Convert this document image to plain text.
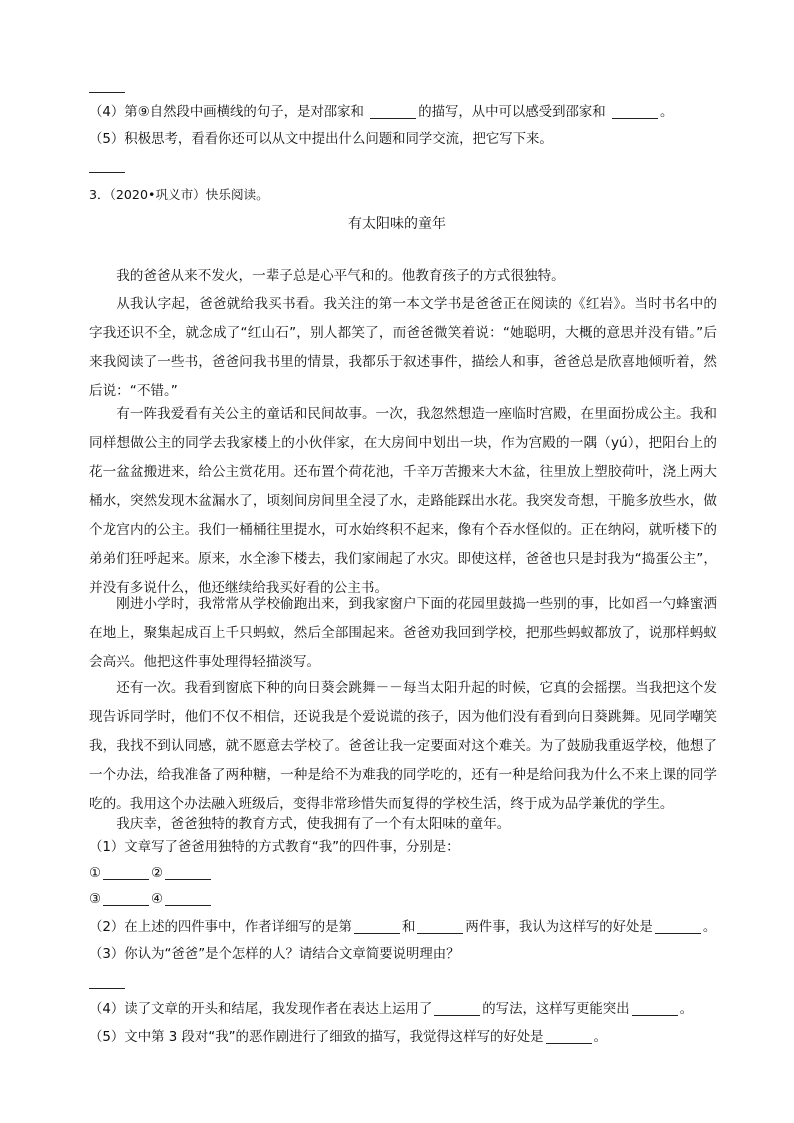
（4）第⑨自然段中画横线的句子，是对邵家和	的描写，从中可以感受到邵家和	。
（5）积极思考，看看你还可以从文中提出什么问题和同学交流，把它写下来。
3．（2020•巩义市）快乐阅读。
有太阳味的童年
我的爸爸从来不发火，一辈子总是心平气和的。他教育孩子的方式很独特。
从我认字起，爸爸就给我买书看。我关注的第一本文学书是爸爸正在阅读的《红岩》。当时书名中的字我还识不全，就念成了“红山石”，别人都笑了，而爸爸微笑着说：“她聪明，大概的意思并没有错。”后来我阅读了一些书，爸爸问我书里的情景，我都乐于叙述事件，描绘人和事，爸爸总是欣喜地倾听着，然后说：“不错。”
有一阵我爱看有关公主的童话和民间故事。一次，我忽然想造一座临时宫殿，在里面扮成公主。我和同样想做公主的同学去我家楼上的小伙伴家，在大房间中划出一块，作为宫殿的一隅（yú），把阳台上的花一盆盆搬进来，给公主赏花用。还布置个荷花池，千辛万苦搬来大木盆，往里放上塑胶荷叶，浇上两大桶水，突然发现木盆漏水了，顷刻间房间里全浸了水，走路能踩出水花。我突发奇想，干脆多放些水，做个龙宫内的公主。我们一桶桶往里提水，可水始终积不起来，像有个吞水怪似的。正在纳闷，就听楼下的弟弟们狂呼起来。原来，水全渗下楼去，我们家闹起了水灾。即使这样，爸爸也只是封我为“捣蛋公主”，并没有多说什么，他还继续给我买好看的公主书。
刚进小学时，我常常从学校偷跑出来，到我家窗户下面的花园里鼓捣一些别的事，比如舀一勺蜂蜜洒在地上，聚集起成百上千只蚂蚁，然后全部围起来。爸爸劝我回到学校，把那些蚂蚁都放了，说那样蚂蚁会高兴。他把这件事处理得轻描淡写。
还有一次。我看到窗底下种的向日葵会跳舞－－每当太阳升起的时候，它真的会摇摆。当我把这个发现告诉同学时，他们不仅不相信，还说我是个爱说谎的孩子，因为他们没有看到向日葵跳舞。见同学嘲笑我，我找不到认同感，就不愿意去学校了。爸爸让我一定要面对这个难关。为了鼓励我重返学校，他想了一个办法，给我准备了两种糖，一种是给不为难我的同学吃的，还有一种是给问我为什么不来上课的同学吃的。我用这个办法融入班级后，变得非常珍惜失而复得的学校生活，终于成为品学兼优的学生。
我庆幸，爸爸独特的教育方式，使我拥有了一个有太阳味的童年。
（1）文章写了爸爸用独特的方式教育“我”的四件事，分别是：
①	②
③	④
（2）在上述的四件事中，作者详细写的是第	和	两件事，我认为这样写的好处是	。
（3）你认为“爸爸”是个怎样的人？请结合文章简要说明理由？
（4）读了文章的开头和结尾，我发现作者在表达上运用了	的写法，这样写更能突出	。
（5）文中第 3 段对“我”的恶作剧进行了细致的描写，我觉得这样写的好处是	。
